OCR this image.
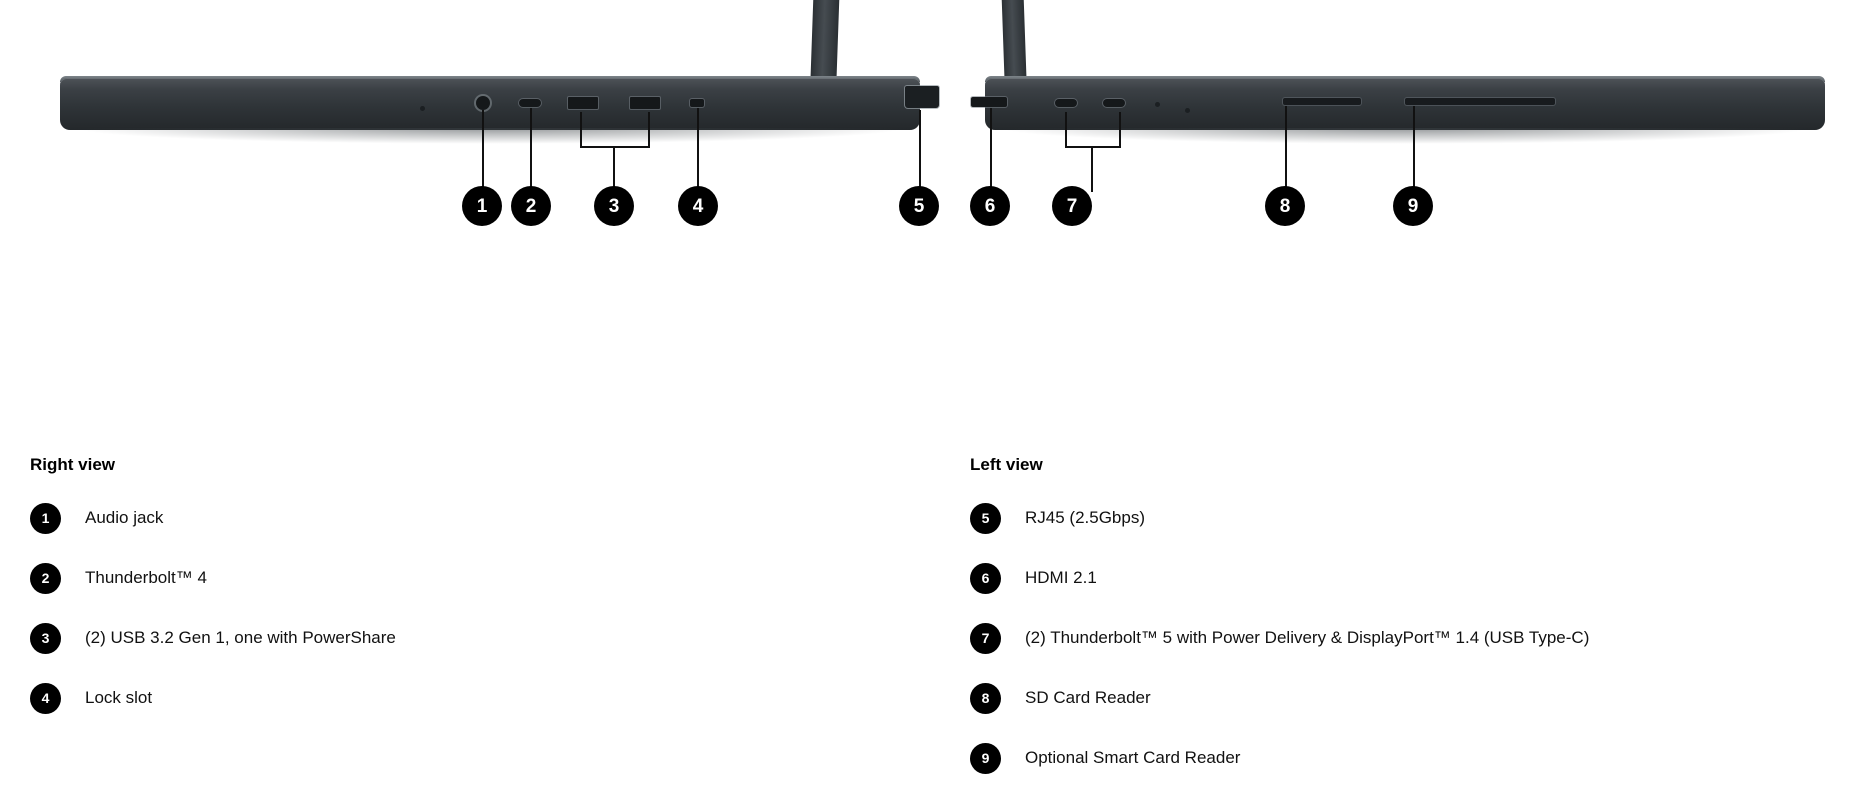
1	2	3	4	5	6	7	8	9
Right view
1	Audio jack
2	Thunderbolt™ 4
3	(2) USB 3.2 Gen 1, one with PowerShare
4	Lock slot
Left view
5	RJ45 (2.5Gbps)
6	HDMI 2.1
7	(2) Thunderbolt™ 5 with Power Delivery & DisplayPort™ 1.4 (USB Type-C)
8	SD Card Reader
9	Optional Smart Card Reader
